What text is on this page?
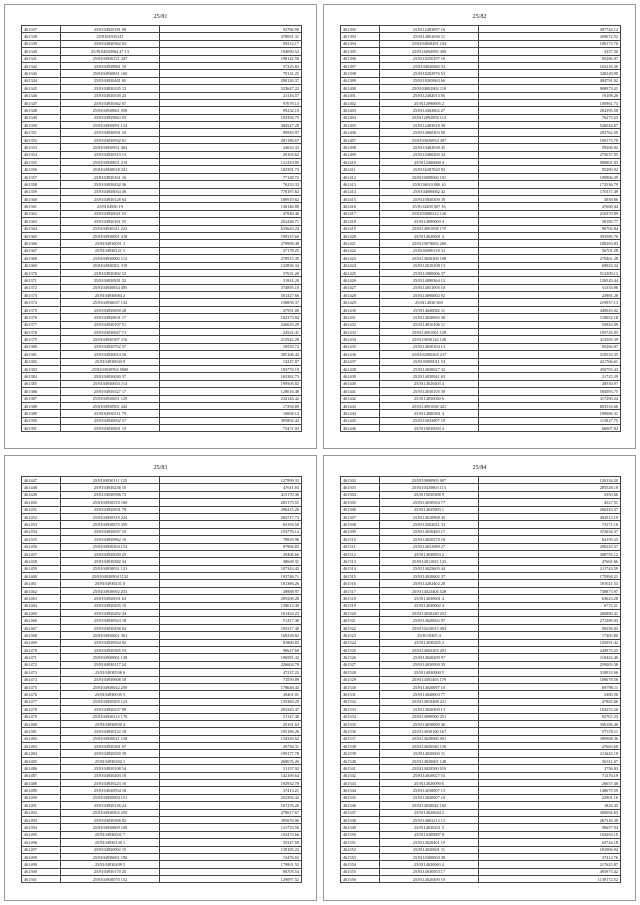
25/81
461337	25/8104920181 98	92766.90
461338	25/8104935141	378091.31
461339	25/8104830362 63	99312.17
461340	25/8104920964 47 13	194099.52
461341	25/8104930131 347	198142.58
461342	25/8104938861 10	57225.82
461343	25/8104930831 160	79131.25
461344	25/8104930441 65	280120.37
461345	25/8104830335 13	523647.22
461346	25/8104930339 23	21116.57
461347	25/8104930362 87	97678.13
461348	25/8104930661 058	99232.10
461349	25/8104939663 93	193394.75
461350	25/8104930091 122	494547.29
461351	25/8104930931 10	99945.97
461352	25/8104930932 61	281186.67
461353	25/8104930931 463	34633.33
461354	25/8104930319 13	29103.62
461355	25/8104930651 219	131419.05
461356	25/8104930018 341	182391.73
461357	25/8104930161 16	77128.72
461358	25/8104930432 36	76233.33
461359	25/8104930034 36	778187.62
461360	25/8104930128 64	180919.62
461361	25/8104930 19	136146.88
461362	25/8104930021 53	47840.46
461363	25/8104930161 55	202446.71
461364	25/8104930311 223	633643.24
461365	25/8104930001 418	199315.60
461366	25/8104930051 3	279898.48
461367	25/8104930121 5	37178.25
461368	25/8104930002 112	270915.39
461369	25/8104930301 319	123836.34
461370	25/8104930492 52	37631.20
461371	25/8104930831 52	31841.20
461372	25/8104930834 495	374895.18
461373	25/8104930684 2	501327.66
461374	25/8104930637 132	156858.37
461375	25/8104930830 28	47951.00
461376	25/8104930631 17	162373.84
461377	25/8104930107 51	226625.28
461378	25/8104930627 71	24521.41
461379	25/8104930307 116	215942.28
461380	25/8104930702 37	18535.72
461381	25/8104930914 56	305106.44
461382	25/8104930043 8	13247.87
461383	25/8104930904 9900	183776.19
461384	25/8104930030 37	165382.73
461385	25/8104930653 114	199505.82
461386	25/8104930327 17	128616.48
461387	25/8104930651 129	234146.42
461388	25/8104930501 443	17294.89
461389	25/8104930111 79	10068.14
461390	25/8104930032 57	395802.44
461391	25/8104930831 19	75471.03
25/82
461392	25/8112493097 16	397742.12
461393	25/8114002656 11	269072.52
461394	25/8104828291 104	109173.70
461395	25/8116094095 309	3337.30
461396	25/8118250197 16	95286.97
461397	25/8104020665 53	102216.30
461398	25/8118202976 53	348229.98
461399	25/8118205063 66	494791.02
461400	25/8104002802 110	900973.21
461401	25/8112482013 85	19108.26
461402	25/8112090695 2	100961.73
461403	25/8114402602 27	204395.58
461404	25/8112092856 112	76273.23
461405	25/8112403018 39	540044.07
461406	25/8114060303 50	203762.50
461407	25/8104030954 307	109173.70
461408	25/8110402038 45	59206.92
461409	25/8110480200 34	273037.95
461410	25/8112406600 4	906801.03
461411	25/8116207020 83	95280.92
461412	25/8110009060 101	109906.39
461413	25/8116010 006 10	172536.79
461414	25/8104086062 42	170117.49
461415	25/8110030300 39	3038.86
461416	25/8114200 007 16	47660.44
461417	25/8104080212 120	216370.89
461418	25/8114090003 4	38185.77
461419	25/8114091058 175	96702.84
461420	25/8114020601 3	393585.76
461421	25/8110070002 260	180263.83
461422	25/8102090110 31	56701.28
461423	25/8114020300 108	270461.28
461424	25/8112010108 13	69023.34
461425	25/8112080006 37	512309.13
461426	25/8114090364 12	126520.44
461427	25/8114031005 10	51353.96
461428	25/8114090002 92	23981.28
461429	25/8114030 603	219957.13
461430	25/8114040082 11	449043.02
461431	25/8114030065 38	110052.18
461432	25/8114010106 11	55943.09
461433	25/8114091001 128	193725.05
461434	25/8110030142 128	413505.39
461435	25/8114030104 13	95266.07
461436	25/8102000265 217	318533.35
461437	25/8103000011 54	221766.61
461438	25/8114030027 42	450793.43
461439	25/8114030041 65	21725.29
461440	25/8114020403 4	28530.97
461441	25/8114030105 39	583093.75
461442	25/8114050040 6	317290.24
461443	25/8114091038 421	803533.66
461444	25/8114000301 4	199686.31
461445	25/8110043007 10	113827.75
461446	25/8110030033 4	66007.84
25/83
461447	25/8104930111 125	127999.33
461448	25/8104930236 10	47611.65
461449	25/8104930596 73	413170.36
461450	25/8104930510 100	205175.55
461451	25/8104930931 78	290415.26
461452	25/8104930319 224	283717.73
461453	25/8104930075 359	63194.50
461454	25/8104930047 10	193776.12
461455	25/8104930962 16	78829.96
461456	25/8104930304 152	97966.83
461457	25/8104930049 25	29406.66
461458	25/8104930382 34	48668.31
461459	25/8104930031 121	187343.43
461460	25/8104930904 1132	193746.71
461461	25/8104930231 8	181386.26
461462	25/8104930692 253	28888.97
461463	25/8104930031 63	285508.28
461464	25/8104930435 10	128613.49
461465	25/8104930292 44	161424.23
461466	25/8104930923 18	51417.40
461467	25/8104930436 64	105317.40
461468	25/8104930601 361	169238.82
461469	25/8104930934 92	81860.83
461470	25/8104930305 53	90627.69
461471	25/8104930001 138	196581.42
461472	25/8104930117 24	226604.78
461473	25/8104930536 6	47237.23
461474	25/8104930608 18	73559.89
461475	25/8104930042 259	178648.43
461476	25/8104930039 5	30401.01
461477	25/8104930305 123	135369.29
461478	25/8104930237 99	203345.47
461479	25/8104930212 176	51147.40
461480	25/8104930830 4	29161.63
461481	25/8104930132 18	195186.26
461482	25/8104930021 158	134349.62
461483	25/8104930301 67	29736.31
461484	25/8104930339 39	199177.78
461485	25/8104930302 1	268676.26
461486	25/8104930108 54	51157.92
461487	25/8104930203 18	142169.64
461488	25/8104930223 10	182932.78
461489	25/8104930934 18	37413.21
461490	25/8104930004 151	252394.42
461491	25/8104930136 24	167276.26
461492	25/8104930302 259	270617.67
461493	25/8104930306 82	395676.06
461494	25/8104930609 168	131753.56
461495	25/8104930031 7	193474.66
461496	25/8104930130 1	35347.69
461497	25/8104930902 15	138185.22
461498	25/8104930601 190	13476.63
461499	25/8104930209 5	179801.52
461500	25/8104930170 45	80703.54
461501	25/8104930070 152	129097.52
25/84
461502	25/8110090903 007	120134.20
461503	25/8110410803 113	285528.18
461504	25/8110030308 9	3350.66
461505	25/8114030504 77	4527.51
461506	25/8114025903 1	266343.37
461507	25/8114010968 45	404513.19
461508	25/8114502021 33	73171.16
461509	25/8114030483 17	372634.37
461510	25/8114020270 18	64159.25
461511	25/8114031089 27	298245.37
461512	25/8114030953 2	308755.12
461513	25/8114011023 143	47665.66
461514	25/8114025605 44	211743.59
461515	25/8114020602 37	175994.21
461516	25/8114202402 20	103611.53
461517	25/8114023404 528	738873.97
461518	25/8114030601 4	63623.28
461519	25/8114030002 4	6772.21
461520	25/8114030240 252	266880.41
461521	25/8114020602 97	271286.03
461522	25/8110210613 404	96556.03
461523	25/8110305 4	17305.80
461524	25/8114030205 2	105051.42
461525	25/8114003203 201	245873.25
461526	25/8114020209 97	110422.40
461527	25/8114030500 35	259003.38
461528	25/8114030900 5	318933.06
461529	25/8114301403 179	108078.56
461530	25/8114020097 10	69798.11
461531	25/8114040003 77	5380.56
461532	25/8114010408 221	47865.66
461533	25/8114020300 13	104253.26
461534	25/8114090000 251	83767.23
461535	25/8114030600 36	356106.46
461536	25/8114030100 167	57378.11
461537	25/8114029060 001	390968.36
461538	25/8114020040 130	47663.68
461539	25/8114030603 11	211643.19
461540	25/8114030601 148	56311.67
461541	25/8114020500 010	3756.03
461542	25/8114030027 53	71376.19
461543	25/8114020090 6	26657.48
461544	25/8114030007 13	148075.59
461545	25/8114040007 10	22901.16
461546	25/8114030042 192	1824.45
461547	25/8114020044 2	300094.63
461548	25/8114002213 12	267316.30
461549	25/8114030251 5	90657.94
461550	25/8110300087 8	104293.10
461551	25/8114020401 19	63744.18
461552	25/8114030601 11	191006.94
461553	25/8110300003 38	37412.76
461554	25/8114020063 4	217625.87
461555	25/8114030503 17	495973.42
461556	25/8114020490 10	1139172.52
